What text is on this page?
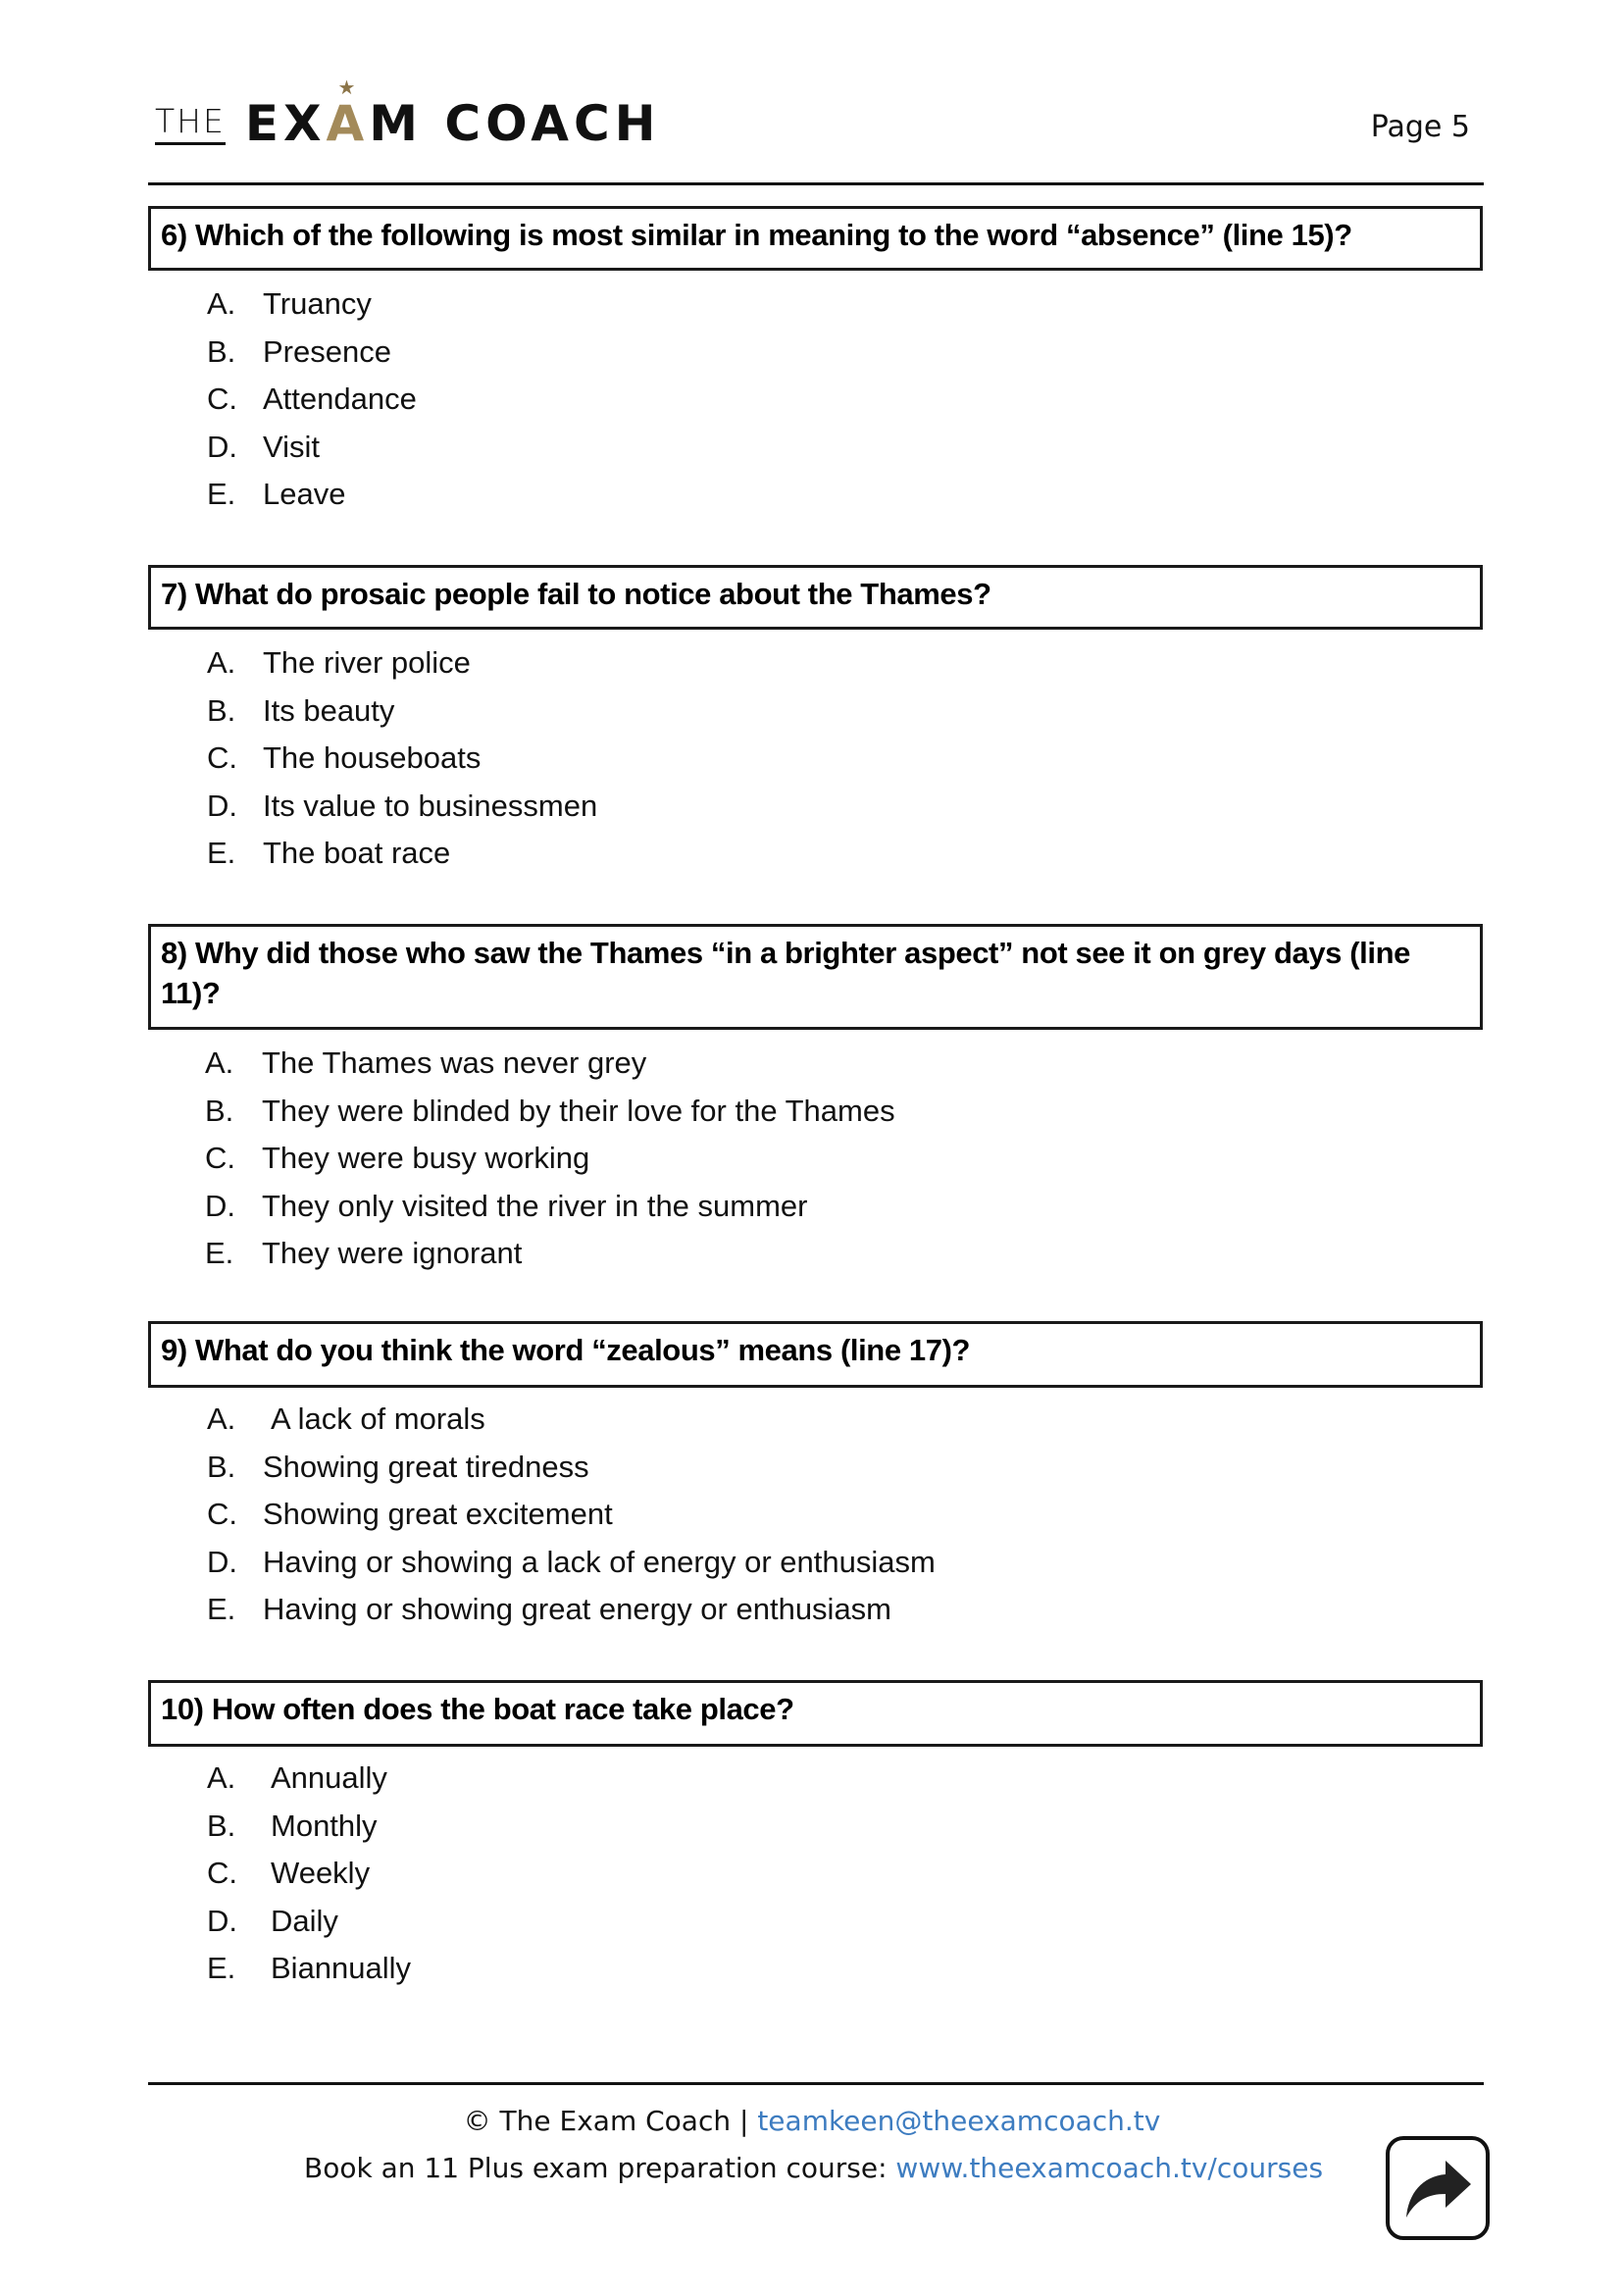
THE EX
★
AM COACH	Page 5
6) Which of the following is most similar in meaning to the word “absence” (line 15)?
A. Truancy
B. Presence
C. Attendance
D. Visit
E. Leave
7) What do prosaic people fail to notice about the Thames?
A. The river police
B. Its beauty
C. The houseboats
D. Its value to businessmen
E. The boat race
8) Why did those who saw the Thames “in a brighter aspect” not see it on grey days (line 11)?
A. The Thames was never grey
B. They were blinded by their love for the Thames
C. They were busy working
D. They only visited the river in the summer
E. They were ignorant
9) What do you think the word “zealous” means (line 17)?
A. A lack of morals
B. Showing great tiredness
C. Showing great excitement
D. Having or showing a lack of energy or enthusiasm
E. Having or showing great energy or enthusiasm
10) How often does the boat race take place?
A. Annually
B. Monthly
C. Weekly
D. Daily
E. Biannually
© The Exam Coach | teamkeen@theexamcoach.tv
Book an 11 Plus exam preparation course: www.theexamcoach.tv/courses
